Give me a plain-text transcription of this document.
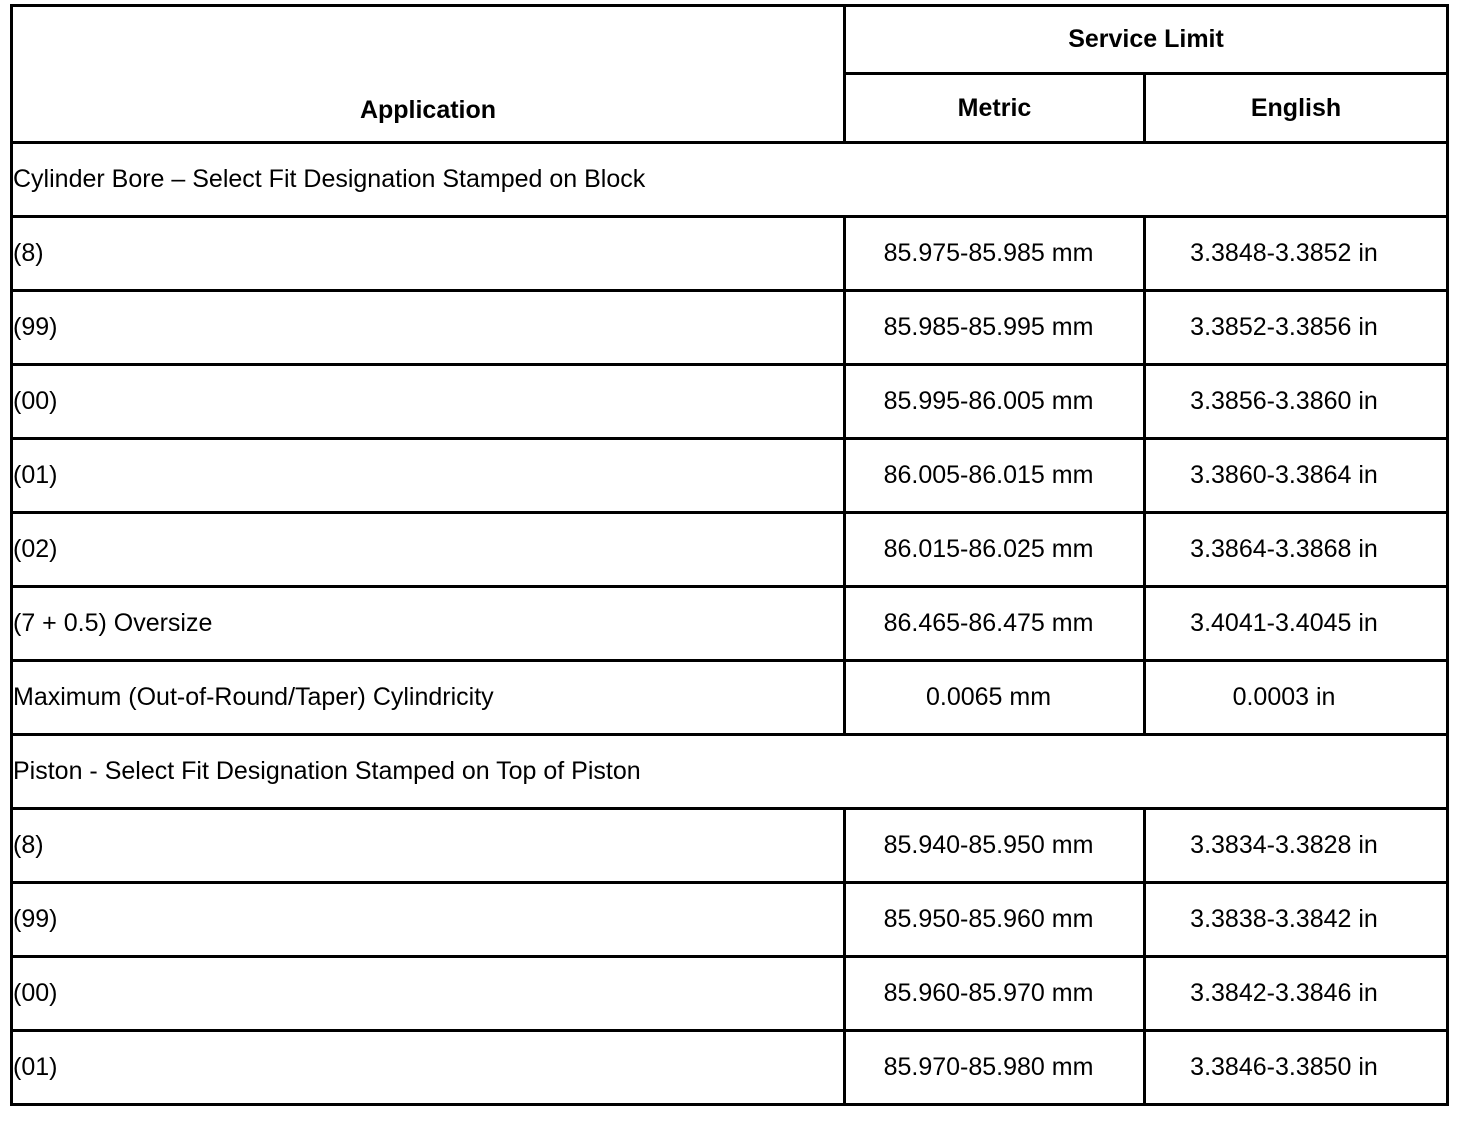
Application	Service Limit	
	Metric	English
Cylinder Bore – Select Fit Designation Stamped on Block		
(8)	85.975-85.985 mm	3.3848-3.3852 in
(99)	85.985-85.995 mm	3.3852-3.3856 in
(00)	85.995-86.005 mm	3.3856-3.3860 in
(01)	86.005-86.015 mm	3.3860-3.3864 in
(02)	86.015-86.025 mm	3.3864-3.3868 in
(7 + 0.5) Oversize	86.465-86.475 mm	3.4041-3.4045 in
Maximum (Out-of-Round/Taper) Cylindricity	0.0065 mm	0.0003 in
Piston - Select Fit Designation Stamped on Top of Piston		
(8)	85.940-85.950 mm	3.3834-3.3828 in
(99)	85.950-85.960 mm	3.3838-3.3842 in
(00)	85.960-85.970 mm	3.3842-3.3846 in
(01)	85.970-85.980 mm	3.3846-3.3850 in
